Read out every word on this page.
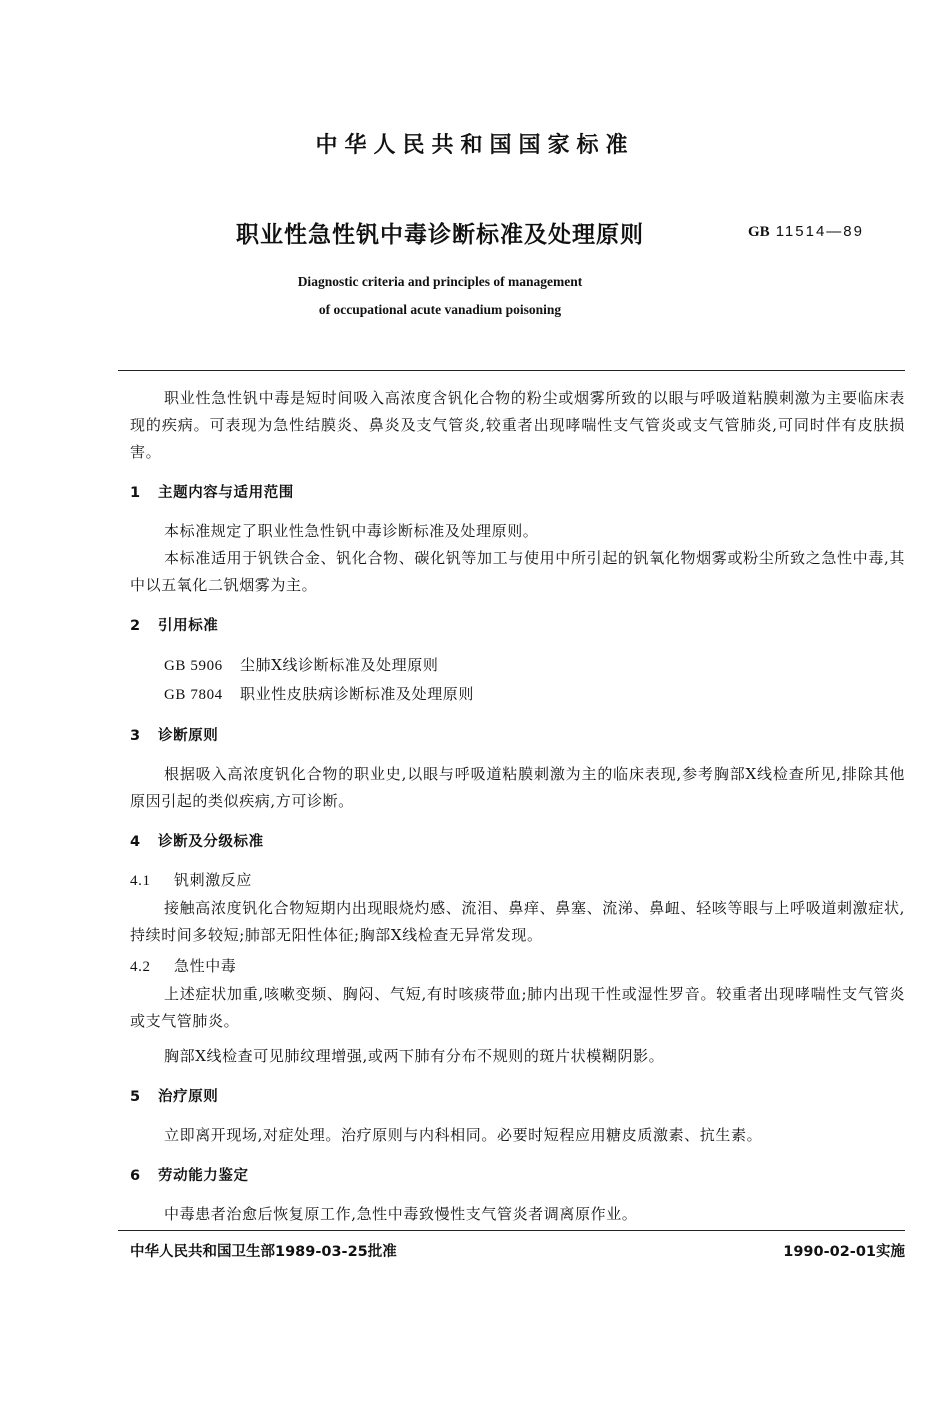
中华人民共和国国家标准
职业性急性钒中毒诊断标准及处理原则	GB 11514—89
Diagnostic criteria and principles of management
of occupational acute vanadium poisoning

职业性急性钒中毒是短时间吸入高浓度含钒化合物的粉尘或烟雾所致的以眼与呼吸道粘膜刺激为主要临床表现的疾病。可表现为急性结膜炎、鼻炎及支气管炎,较重者出现哮喘性支气管炎或支气管肺炎,可同时伴有皮肤损害。

1 主题内容与适用范围

本标准规定了职业性急性钒中毒诊断标准及处理原则。

本标准适用于钒铁合金、钒化合物、碳化钒等加工与使用中所引起的钒氧化物烟雾或粉尘所致之急性中毒,其中以五氧化二钒烟雾为主。

2 引用标准
GB 5906 尘肺X线诊断标准及处理原则
GB 7804 职业性皮肤病诊断标准及处理原则
3 诊断原则

根据吸入高浓度钒化合物的职业史,以眼与呼吸道粘膜刺激为主的临床表现,参考胸部X线检查所见,排除其他原因引起的类似疾病,方可诊断。

4 诊断及分级标准
4.1 钒刺激反应

接触高浓度钒化合物短期内出现眼烧灼感、流泪、鼻痒、鼻塞、流涕、鼻衄、轻咳等眼与上呼吸道刺激症状,持续时间多较短;肺部无阳性体征;胸部X线检查无异常发现。

4.2 急性中毒

上述症状加重,咳嗽变频、胸闷、气短,有时咳痰带血;肺内出现干性或湿性罗音。较重者出现哮喘性支气管炎或支气管肺炎。

胸部X线检查可见肺纹理增强,或两下肺有分布不规则的斑片状模糊阴影。

5 治疗原则

立即离开现场,对症处理。治疗原则与内科相同。必要时短程应用糖皮质激素、抗生素。

6 劳动能力鉴定

中毒患者治愈后恢复原工作,急性中毒致慢性支气管炎者调离原作业。

中华人民共和国卫生部1989-03-25批准	1990-02-01实施
